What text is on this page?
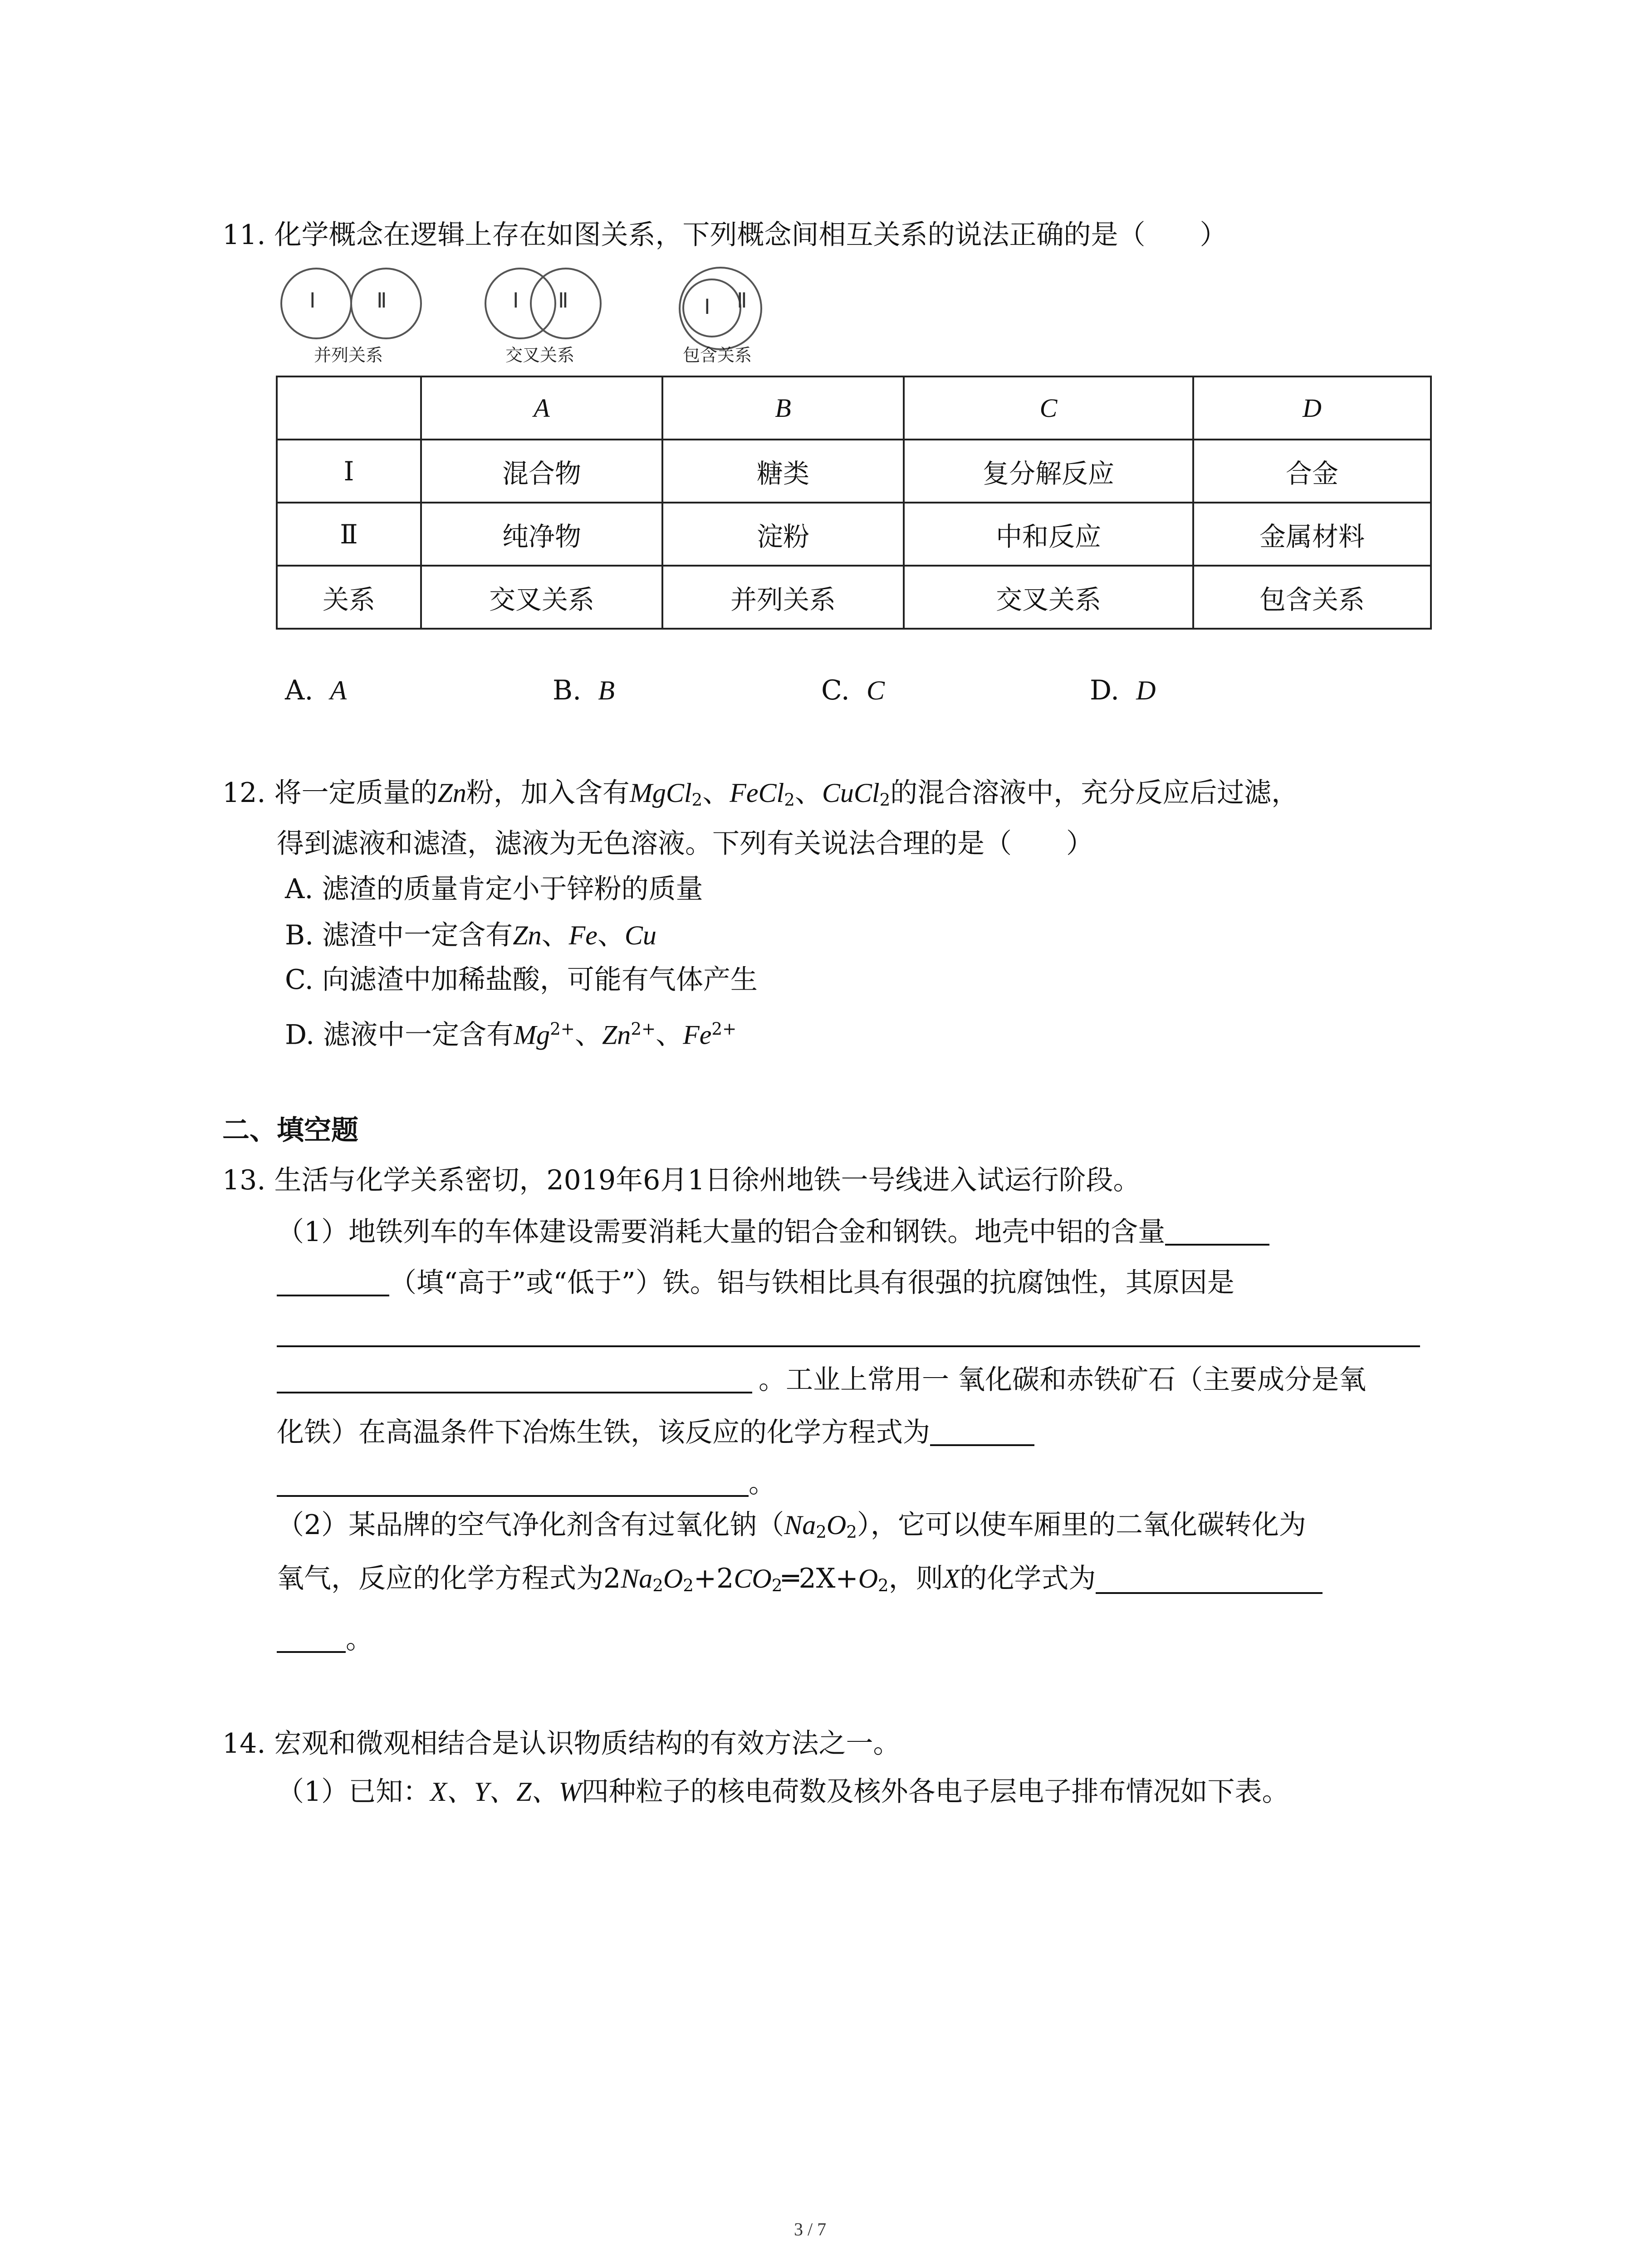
11. 化学概念在逻辑上存在如图关系，下列概念间相互关系的说法正确的是（　　）
Ⅰ	Ⅱ
并列关系
Ⅰ Ⅱ
交叉关系
Ⅰ Ⅱ
包含关系
	A	B	C	D
Ⅰ	混合物	糖类	复分解反应	合金
Ⅱ	纯净物	淀粉	中和反应	金属材料
关系	交叉关系	并列关系	交叉关系	包含关系
A. A	B. B	C. C	D. D
12. 将一定质量的Zn粉，加入含有MgCl$_2$、FeCl$_2$、CuCl$_2$的混合溶液中，充分反应后过滤，
得到滤液和滤渣，滤液为无色溶液。下列有关说法合理的是（　　）
A. 滤渣的质量肯定小于锌粉的质量
B. 滤渣中一定含有Zn、Fe、Cu
C. 向滤渣中加稀盐酸，可能有气体产生
D. 滤液中一定含有$Mg^{2+}$、$Zn^{2+}$、$Fe^{2+}$
二、填空题
13. 生活与化学关系密切，2019年6月1日徐州地铁一号线进入试运行阶段。
（1）地铁列车的车体建设需要消耗大量的铝合金和钢铁。地壳中铝的含量
（填“高于”或“低于”）铁。铝与铁相比具有很强的抗腐蚀性，其原因是
。工业上常用一 氧化碳和赤铁矿石（主要成分是氧
化铁）在高温条件下冶炼生铁，该反应的化学方程式为
。
（2）某品牌的空气净化剂含有过氧化钠$(Na_2O_2)$，它可以使车厢里的二氧化碳转化为
氧气，反应的化学方程式为$2Na_2O_2+2CO_2═2X+O_2$，则X的化学式为
。
14. 宏观和微观相结合是认识物质结构的有效方法之一。
（1）已知：X、Y、Z、W四种粒子的核电荷数及核外各电子层电子排布情况如下表。
3 / 7
